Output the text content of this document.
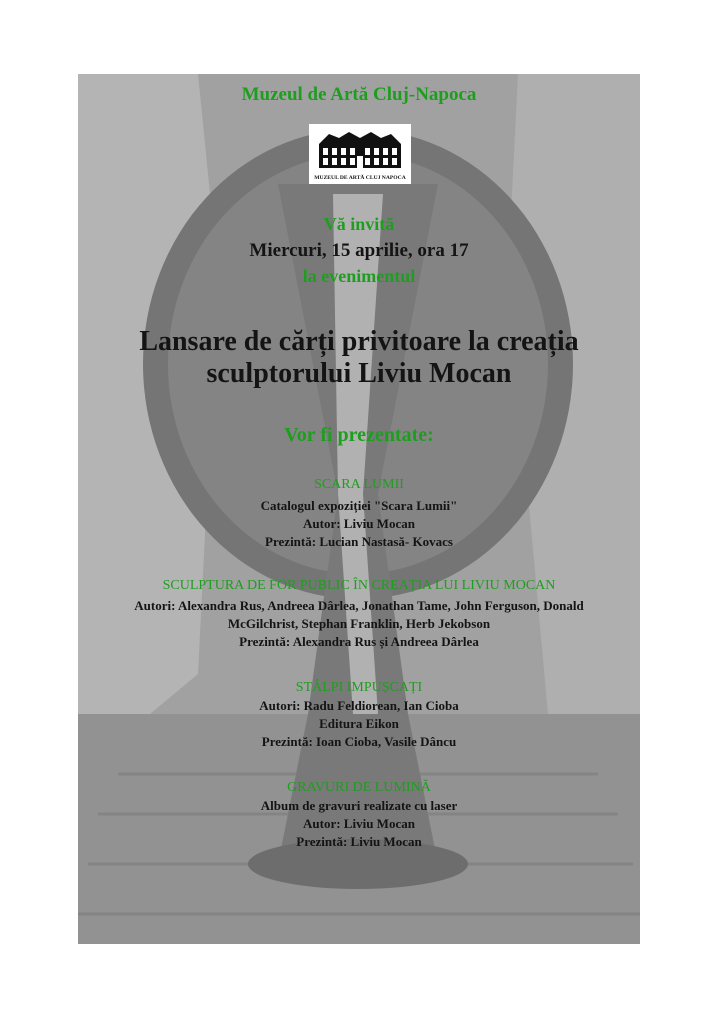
Muzeul de Artă Cluj-Napoca
MUZEUL DE ARTĂ CLUJ NAPOCA
Vă invită
Miercuri, 15 aprilie, ora 17
la evenimentul
Lansare de cărți privitoare la creația
sculptorului Liviu Mocan
Vor fi prezentate:
SCARA LUMII
Catalogul expoziției "Scara Lumii"
Autor: Liviu Mocan
Prezintă: Lucian Nastasă- Kovacs
SCULPTURA DE FOR PUBLIC ÎN CREAȚIA LUI LIVIU MOCAN
Autori: Alexandra Rus, Andreea Dârlea, Jonathan Tame, John Ferguson, Donald
McGilchrist, Stephan Franklin, Herb Jekobson
Prezintă: Alexandra Rus și Andreea Dârlea
STÂLPI IMPUȘCAȚI
Autori: Radu Feldiorean, Ian Cioba
Editura Eikon
Prezintă: Ioan Cioba, Vasile Dâncu
GRAVURI DE LUMINĂ
Album de gravuri realizate cu laser
Autor: Liviu Mocan
Prezintă: Liviu Mocan
